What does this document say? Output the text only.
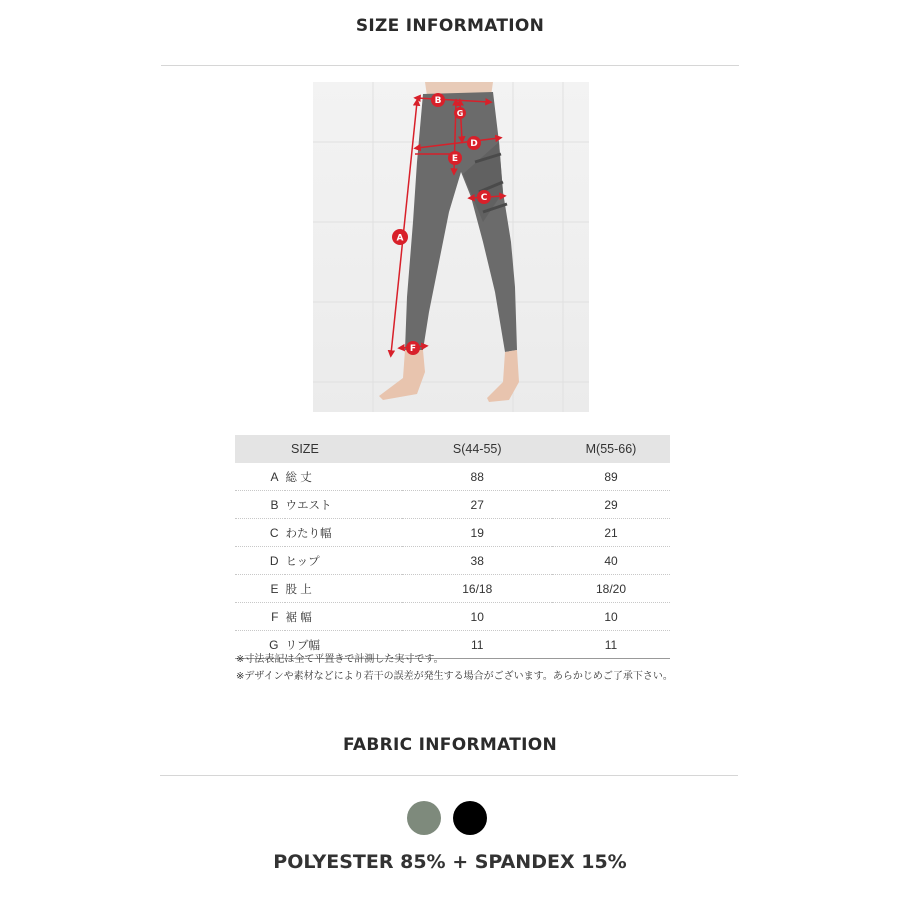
SIZE INFORMATION
A
B
C
D
E
F
G
SIZE		S(44-55)	M(55-66)
A	総 丈	88	89
B	ウエスト	27	29
C	わたり幅	19	21
D	ヒップ	38	40
E	股 上	16/18	18/20
F	裾 幅	10	10
G	リブ幅	11	11
※寸法表記は全て平置きで計測した実寸です。
※デザインや素材などにより若干の誤差が発生する場合がございます。あらかじめご了承下さい。
FABRIC INFORMATION
POLYESTER 85% + SPANDEX 15%
